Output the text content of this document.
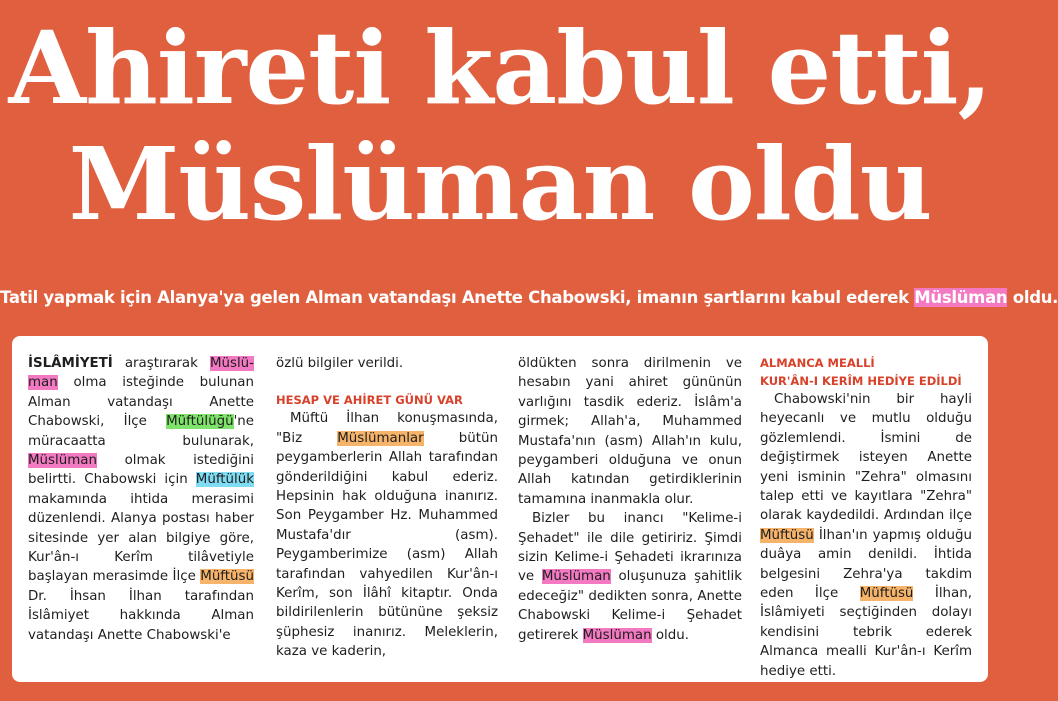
Ahireti kabul etti,
Müslüman oldu
Tatil yapmak için Alanya'ya gelen Alman vatandaşı Anette Chabowski, imanın şartlarını kabul ederek Müslüman oldu.

İSLÂMİYETİ araştırarak Müslü-man olma isteğinde bulunan Alman vatandaşı Anette Chabowski, İlçe Müftülüğü'ne müracaatta bulunarak, Müslüman olmak istediğini belirtti. Chabowski için Müftülük makamında ihtida merasimi düzenlendi. Alanya postası haber sitesinde yer alan bilgiye göre, Kur'ân-ı Kerîm tilâvetiyle başlayan merasimde İlçe Müftüsü Dr. İhsan İlhan tarafından İslâmiyet hakkında Alman vatandaşı Anette Chabowski'e

özlü bilgiler verildi.

HESAP VE AHİRET GÜNÜ VAR

Müftü İlhan konuşmasında, "Biz Müslümanlar bütün peygamberlerin Allah tarafından gönderildiğini kabul ederiz. Hepsinin hak olduğuna inanırız. Son Peygamber Hz. Muhammed Mustafa'dır (asm). Peygamberimize (asm) Allah tarafından vahyedilen Kur'ân-ı Kerîm, son İlâhî kitaptır. Onda bildirilenlerin bütününe şeksiz şüphesiz inanırız. Meleklerin, kaza ve kaderin,

öldükten sonra dirilmenin ve hesabın yani ahiret gününün varlığını tasdik ederiz. İslâm'a girmek; Allah'a, Muhammed Mustafa'nın (asm) Allah'ın kulu, peygamberi olduğuna ve onun Allah katından getirdiklerinin tamamına inanmakla olur.

Bizler bu inancı "Kelime-i Şehadet" ile dile getiririz. Şimdi sizin Kelime-i Şehadeti ikrarınıza ve Müslüman oluşunuza şahitlik edeceğiz" dedikten sonra, Anette Chabowski Kelime-i Şehadet getirerek Müslüman oldu.

ALMANCA MEALLİ
KUR'ÂN-I KERÎM HEDİYE EDİLDİ

Chabowski'nin bir hayli heyecanlı ve mutlu olduğu gözlemlendi. İsmini de değiştirmek isteyen Anette yeni isminin "Zehra" olmasını talep etti ve kayıtlara "Zehra" olarak kaydedildi. Ardından ilçe Müftüsü İlhan'ın yapmış olduğu duâya amin denildi. İhtida belgesini Zehra'ya takdim eden İlçe Müftüsü İlhan, İslâmiyeti seçtiğinden dolayı kendisini tebrik ederek Almanca mealli Kur'ân-ı Kerîm hediye etti.
